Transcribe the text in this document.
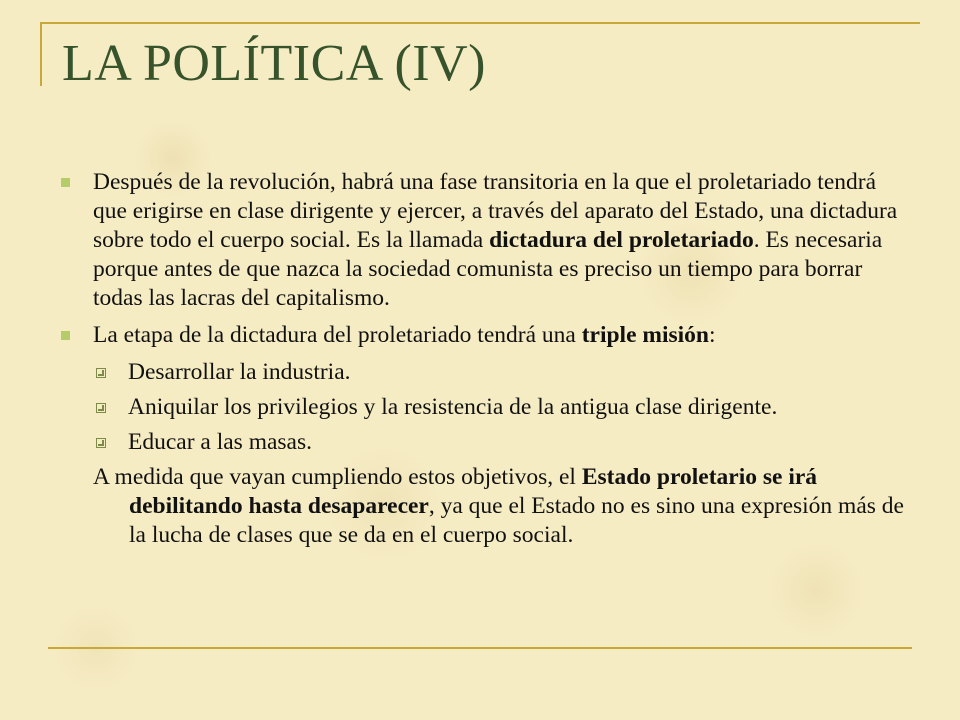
LA POLÍTICA (IV)
Después de la revolución, habrá una fase transitoria en la que el proletariado tendrá que erigirse en clase dirigente y ejercer, a través del aparato del Estado, una dictadura sobre todo el cuerpo social. Es la llamada dictadura del proletariado. Es necesaria porque antes de que nazca la sociedad comunista es preciso un tiempo para borrar todas las lacras del capitalismo.
La etapa de la dictadura del proletariado tendrá una triple misión:
Desarrollar la industria.
Aniquilar los privilegios y la resistencia de la antigua clase dirigente.
Educar a las masas.
A medida que vayan cumpliendo estos objetivos, el Estado proletario se irá debilitando hasta desaparecer, ya que el Estado no es sino una expresión más de la lucha de clases que se da en el cuerpo social.
